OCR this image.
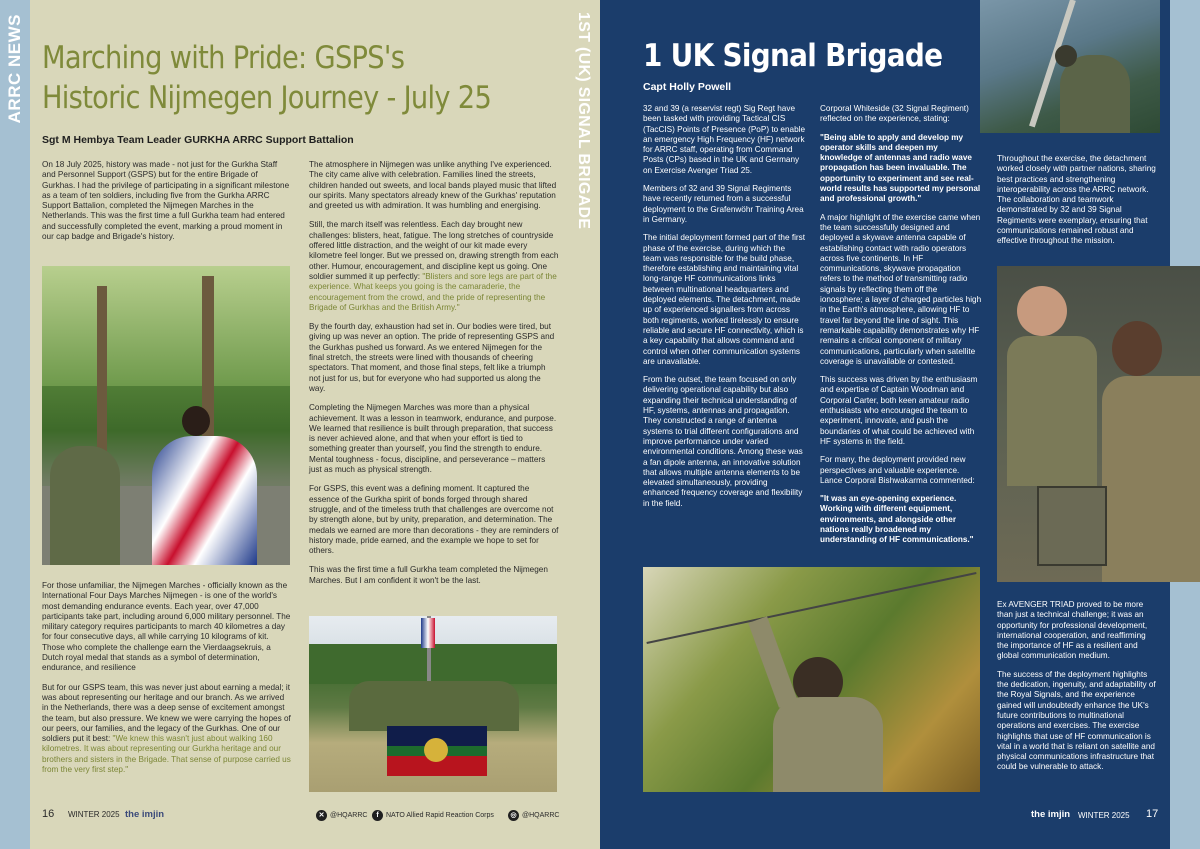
ARRC NEWS Marching with Pride: GSPS's Historic Nijmegen Journey - July 25
Sgt M Hembya Team Leader GURKHA ARRC Support Battalion

On 18 July 2025, history was made - not just for the Gurkha Staff and Personnel Support (GSPS) but for the entire Brigade of Gurkhas. I had the privilege of participating in a significant milestone as a team of ten soldiers, including five from the Gurkha ARRC Support Battalion, completed the Nijmegen Marches in the Netherlands. This was the first time a full Gurkha team had entered and successfully completed the event, marking a proud moment in our cap badge and Brigade's history.

For those unfamiliar, the Nijmegen Marches - officially known as the International Four Days Marches Nijmegen - is one of the world's most demanding endurance events. Each year, over 47,000 participants take part, including around 6,000 military personnel. The military category requires participants to march 40 kilometres a day for four consecutive days, all while carrying 10 kilograms of kit. Those who complete the challenge earn the Vierdaagsekruis, a Dutch royal medal that stands as a symbol of determination, endurance, and resilience

But for our GSPS team, this was never just about earning a medal; it was about representing our heritage and our branch. As we arrived in the Netherlands, there was a deep sense of excitement amongst the team, but also pressure. We knew we were carrying the hopes of our peers, our families, and the legacy of the Gurkhas. One of our soldiers put it best: "We knew this wasn't just about walking 160 kilometres. It was about representing our Gurkha heritage and our brothers and sisters in the Brigade. That sense of purpose carried us from the very first step."

The atmosphere in Nijmegen was unlike anything I've experienced. The city came alive with celebration. Families lined the streets, children handed out sweets, and local bands played music that lifted our spirits. Many spectators already knew of the Gurkhas' reputation and greeted us with admiration. It was humbling and energising.

Still, the march itself was relentless. Each day brought new challenges: blisters, heat, fatigue. The long stretches of countryside offered little distraction, and the weight of our kit made every kilometre feel longer. But we pressed on, drawing strength from each other. Humour, encouragement, and discipline kept us going. One soldier summed it up perfectly: "Blisters and sore legs are part of the experience. What keeps you going is the camaraderie, the encouragement from the crowd, and the pride of representing the Brigade of Gurkhas and the British Army."

By the fourth day, exhaustion had set in. Our bodies were tired, but giving up was never an option. The pride of representing GSPS and the Gurkhas pushed us forward. As we entered Nijmegen for the final stretch, the streets were lined with thousands of cheering spectators. That moment, and those final steps, felt like a triumph not just for us, but for everyone who had supported us along the way.

Completing the Nijmegen Marches was more than a physical achievement. It was a lesson in teamwork, endurance, and purpose. We learned that resilience is built through preparation, that success is never achieved alone, and that when your effort is tied to something greater than yourself, you find the strength to endure. Mental toughness - focus, discipline, and perseverance – matters just as much as physical strength.

For GSPS, this event was a defining moment. It captured the essence of the Gurkha spirit of bonds forged through shared struggle, and of the timeless truth that challenges are overcome not by strength alone, but by unity, preparation, and determination. The medals we earned are more than decorations - they are reminders of history made, pride earned, and the example we hope to set for others.

This was the first time a full Gurkha team completed the Nijmegen Marches. But I am confident it won't be the last.

16 WINTER 2025 the imjin	✕ @HQARRC	f	NATO Allied Rapid Reaction Corps	◎ @HQARRC
1ST (UK) SIGNAL BRIGADE 1 UK Signal Brigade
Capt Holly Powell

32 and 39 (a reservist regt) Sig Regt have been tasked with providing Tactical CIS (TacCIS) Points of Presence (PoP) to enable an emergency High Frequency (HF) network for ARRC staff, operating from Command Posts (CPs) based in the UK and Germany on Exercise Avenger Triad 25.

Members of 32 and 39 Signal Regiments have recently returned from a successful deployment to the Grafenwöhr Training Area in Germany.

The initial deployment formed part of the first phase of the exercise, during which the team was responsible for the build phase, therefore establishing and maintaining vital long-range HF communications links between multinational headquarters and deployed elements. The detachment, made up of experienced signallers from across both regiments, worked tirelessly to ensure reliable and secure HF connectivity, which is a key capability that allows command and control when other communication systems are unavailable.

From the outset, the team focused on only delivering operational capability but also expanding their technical understanding of HF, systems, antennas and propagation. They constructed a range of antenna systems to trial different configurations and improve performance under varied environmental conditions. Among these was a fan dipole antenna, an innovative solution that allows multiple antenna elements to be elevated simultaneously, providing enhanced frequency coverage and flexibility in the field.

Corporal Whiteside (32 Signal Regiment) reflected on the experience, stating:

"Being able to apply and develop my operator skills and deepen my knowledge of antennas and radio wave propagation has been invaluable. The opportunity to experiment and see real-world results has supported my personal and professional growth."

A major highlight of the exercise came when the team successfully designed and deployed a skywave antenna capable of establishing contact with radio operators across five continents. In HF communications, skywave propagation refers to the method of transmitting radio signals by reflecting them off the ionosphere; a layer of charged particles high in the Earth's atmosphere, allowing HF to travel far beyond the line of sight. This remarkable capability demonstrates why HF remains a critical component of military communications, particularly when satellite coverage is unavailable or contested.

This success was driven by the enthusiasm and expertise of Captain Woodman and Corporal Carter, both keen amateur radio enthusiasts who encouraged the team to experiment, innovate, and push the boundaries of what could be achieved with HF systems in the field.

For many, the deployment provided new perspectives and valuable experience. Lance Corporal Bishwakarma commented:

"It was an eye-opening experience. Working with different equipment, environments, and alongside other nations really broadened my understanding of HF communications."

Throughout the exercise, the detachment worked closely with partner nations, sharing best practices and strengthening interoperability across the ARRC network. The collaboration and teamwork demonstrated by 32 and 39 Signal Regiments were exemplary, ensuring that communications remained robust and effective throughout the mission.

Ex AVENGER TRIAD proved to be more than just a technical challenge; it was an opportunity for professional development, international cooperation, and reaffirming the importance of HF as a resilient and global communication medium.

The success of the deployment highlights the dedication, ingenuity, and adaptability of the Royal Signals, and the experience gained will undoubtedly enhance the UK's future contributions to multinational operations and exercises. The exercise highlights that use of HF communication is vital in a world that is reliant on satellite and physical communications infrastructure that could be vulnerable to attack.

the imjin WINTER 2025 17
